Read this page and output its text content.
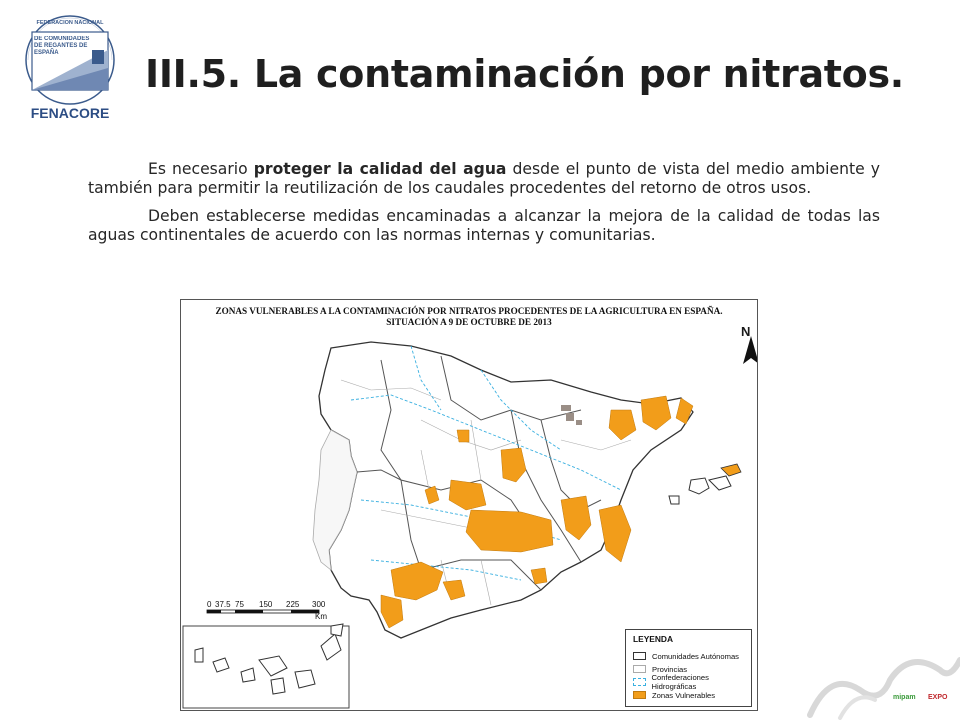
FEDERACION NACIONAL
DE COMUNIDADES DE REGANTES DE ESPAÑA
FENACORE
III.5. La contaminación por nitratos.

Es necesario proteger la calidad del agua desde el punto de vista del medio ambiente y también para permitir la reutilización de los caudales procedentes del retorno de otros usos.

Deben establecerse medidas encaminadas a alcanzar la mejora de la calidad de todas las aguas continentales de acuerdo con las normas internas y comunitarias.

ZONAS VULNERABLES A LA CONTAMINACIÓN POR NITRATOS PROCEDENTES DE LA AGRICULTURA EN ESPAÑA.
SITUACIÓN A 9 DE OCTUBRE DE 2013
N
0 37.5 75 150 225 300
Km
LEYENDA
Comunidades Autónomas
Provincias
Confederaciones Hidrográficas
Zonas Vulnerables	mipam EXPO
